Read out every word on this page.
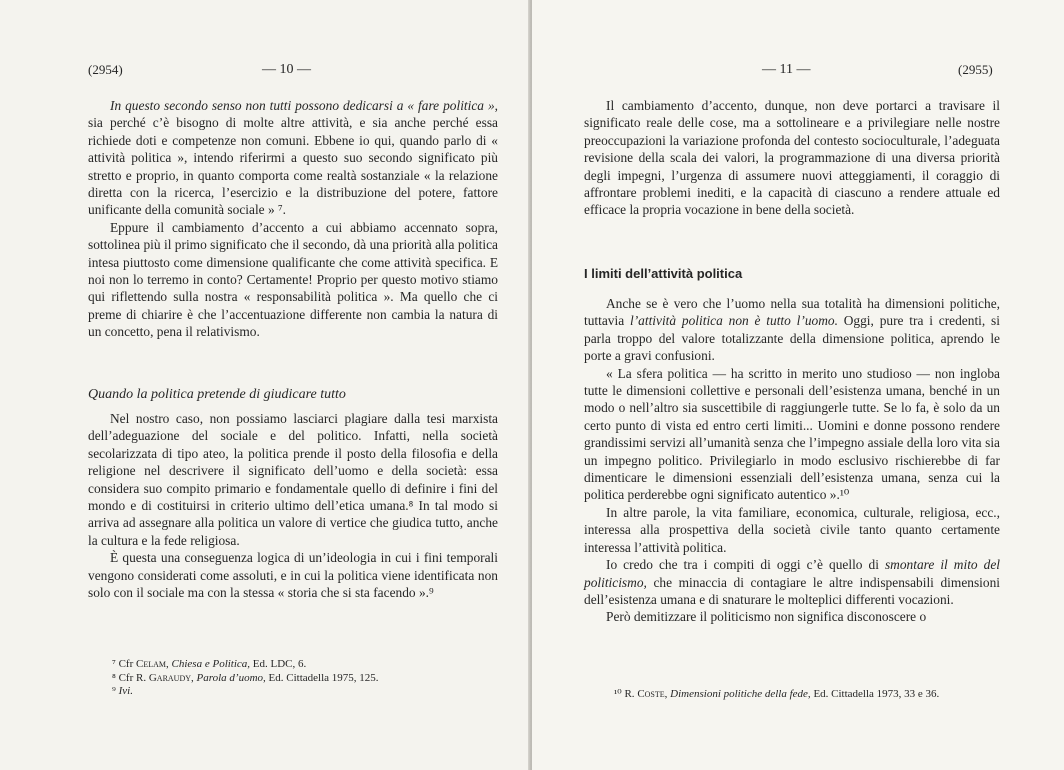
(2954)	— 10 —

In questo secondo senso non tutti possono dedicarsi a « fare politica », sia perché c’è bisogno di molte altre attività, e sia anche perché essa richiede doti e competenze non comuni. Ebbene io qui, quando parlo di « attività politica », intendo riferirmi a questo suo secondo significato più stretto e proprio, in quanto comporta come realtà sostanziale « la relazione diretta con la ricerca, l’esercizio e la distribuzione del potere, fattore unificante della comunità sociale » ⁷.

Eppure il cambiamento d’accento a cui abbiamo accennato sopra, sottolinea più il primo significato che il secondo, dà una priorità alla politica intesa piuttosto come dimensione qualificante che come attività specifica. E noi non lo terremo in conto? Certamente! Proprio per questo motivo stiamo qui riflettendo sulla nostra « responsabilità politica ». Ma quello che ci preme di chiarire è che l’accentuazione differente non cambia la natura di un concetto, pena il relativismo.

Quando la politica pretende di giudicare tutto

Nel nostro caso, non possiamo lasciarci plagiare dalla tesi marxista dell’adeguazione del sociale e del politico. Infatti, nella società secolarizzata di tipo ateo, la politica prende il posto della filosofia e della religione nel descrivere il significato dell’uomo e della società: essa considera suo compito primario e fondamentale quello di definire i fini del mondo e di costituirsi in criterio ultimo dell’etica umana.⁸ In tal modo si arriva ad assegnare alla politica un valore di vertice che giudica tutto, anche la cultura e la fede religiosa.

È questa una conseguenza logica di un’ideologia in cui i fini temporali vengono considerati come assoluti, e in cui la politica viene identificata non solo con il sociale ma con la stessa « storia che si sta facendo ».⁹

⁷ Cfr Celam, Chiesa e Politica, Ed. LDC, 6.
⁸ Cfr R. Garaudy, Parola d’uomo, Ed. Cittadella 1975, 125.
⁹ Ivi.
— 11 —	(2955)

Il cambiamento d’accento, dunque, non deve portarci a travisare il significato reale delle cose, ma a sottolineare e a privilegiare nelle nostre preoccupazioni la variazione profonda del contesto socioculturale, l’adeguata revisione della scala dei valori, la programmazione di una diversa priorità degli impegni, l’urgenza di assumere nuovi atteggiamenti, il coraggio di affrontare problemi inediti, e la capacità di ciascuno a rendere attuale ed efficace la propria vocazione in bene della società.

I limiti dell’attività politica

Anche se è vero che l’uomo nella sua totalità ha dimensioni politiche, tuttavia l’attività politica non è tutto l’uomo. Oggi, pure tra i credenti, si parla troppo del valore totalizzante della dimensione politica, aprendo le porte a gravi confusioni.

« La sfera politica — ha scritto in merito uno studioso — non ingloba tutte le dimensioni collettive e personali dell’esistenza umana, benché in un modo o nell’altro sia suscettibile di raggiungerle tutte. Se lo fa, è solo da un certo punto di vista ed entro certi limiti... Uomini e donne possono rendere grandissimi servizi all’umanità senza che l’impegno assiale della loro vita sia un impegno politico. Privilegiarlo in modo esclusivo rischierebbe di far dimenticare le dimensioni essenziali dell’esistenza umana, senza cui la politica perderebbe ogni significato autentico ».¹⁰

In altre parole, la vita familiare, economica, culturale, religiosa, ecc., interessa alla prospettiva della società civile tanto quanto certamente interessa l’attività politica.

Io credo che tra i compiti di oggi c’è quello di smontare il mito del politicismo, che minaccia di contagiare le altre indispensabili dimensioni dell’esistenza umana e di snaturare le molteplici differenti vocazioni.

Però demitizzare il politicismo non significa disconoscere o

¹⁰ R. Coste, Dimensioni politiche della fede, Ed. Cittadella 1973, 33 e 36.
